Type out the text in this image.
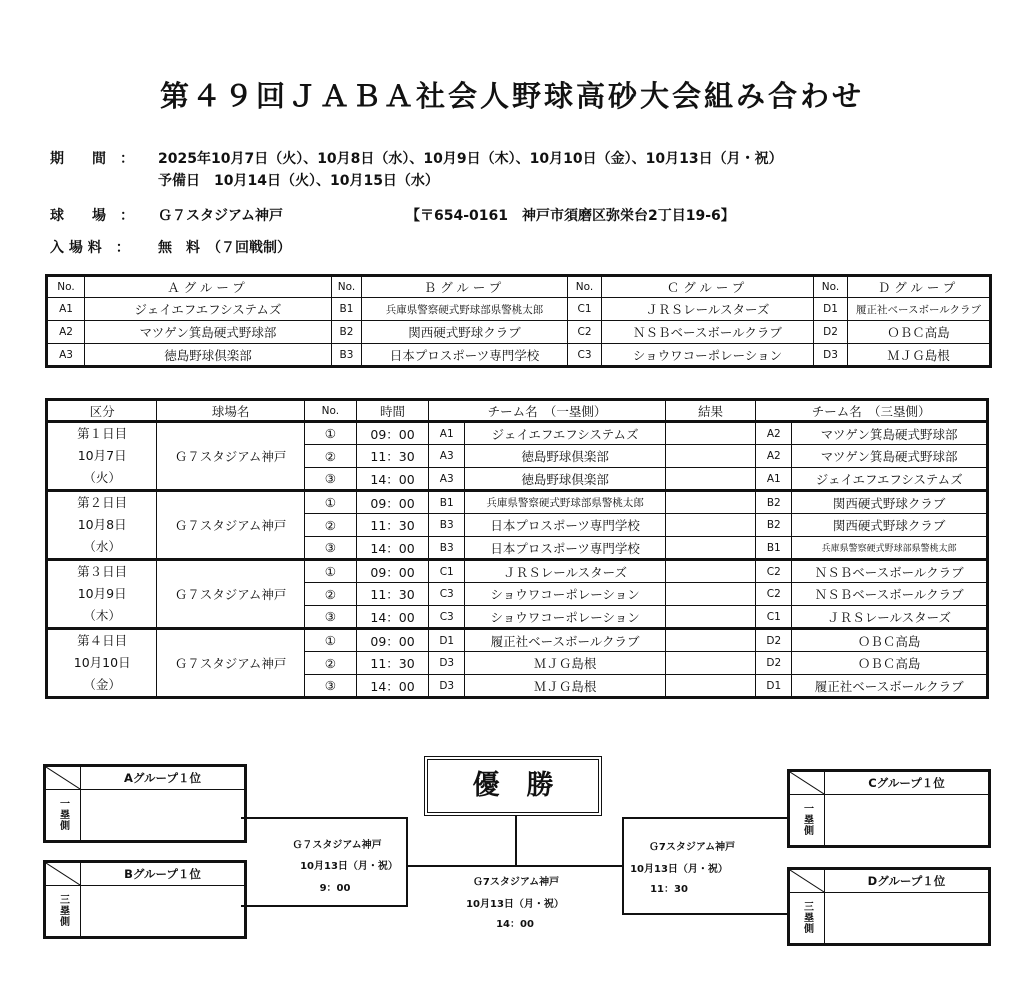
第４９回ＪＡＢＡ社会人野球高砂大会組み合わせ
期　　間　： 2025年10月7日（火）、10月8日（水）、10月9日（木）、10月10日（金）、10月13日（月・祝）
予備日　10月14日（火）、10月15日（水）
球　　場　： Ｇ７スタジアム神戸	【〒654-0161　神戸市須磨区弥栄台2丁目19-6】
入 場 料　： 無　料　（７回戦制）
No.	Ａグループ	No.	Ｂグループ	No.	Ｃグループ	No.	Ｄグループ
A1	ジェイエフエフシステムズ	B1	兵庫県警察硬式野球部県警桃太郎	C1	ＪＲＳレールスターズ	D1	履正社ベースボールクラブ
A2	マツゲン箕島硬式野球部	B2	関西硬式野球クラブ	C2	ＮＳＢベースボールクラブ	D2	ＯＢＣ高島
A3	徳島野球倶楽部	B3	日本プロスポーツ専門学校	C3	ショウワコーポレーション	D3	ＭＪＧ島根
区分	球場名	No.	時間	チーム名　（一塁側）		結果	チーム名　（三塁側）	

第１日目
10月7日
（火）	Ｇ７スタジアム神戸	①	09：00	A1	ジェイエフエフシステムズ		A2	マツゲン箕島硬式野球部
		②	11：30	A3	徳島野球倶楽部		A2	マツゲン箕島硬式野球部
		③	14：00	A3	徳島野球倶楽部		A1	ジェイエフエフシステムズ

第２日目
10月8日
（水）	Ｇ７スタジアム神戸	①	09：00	B1	兵庫県警察硬式野球部県警桃太郎		B2	関西硬式野球クラブ
		②	11：30	B3	日本プロスポーツ専門学校		B2	関西硬式野球クラブ
		③	14：00	B3	日本プロスポーツ専門学校		B1	兵庫県警察硬式野球部県警桃太郎

第３日目
10月9日
（木）	Ｇ７スタジアム神戸	①	09：00	C1	ＪＲＳレールスターズ		C2	ＮＳＢベースボールクラブ
		②	11：30	C3	ショウワコーポレーション		C2	ＮＳＢベースボールクラブ
		③	14：00	C3	ショウワコーポレーション		C1	ＪＲＳレールスターズ

第４日目
10月10日
（金）	Ｇ７スタジアム神戸	①	09：00	D1	履正社ベースボールクラブ		D2	ＯＢＣ高島
		②	11：30	D3	ＭＪＧ島根		D2	ＯＢＣ高島
		③	14：00	D3	ＭＪＧ島根		D1	履正社ベースボールクラブ
Aグループ１位
一塁側
Bグループ１位
三塁側
Cグループ１位
一塁側
Dグループ１位
三塁側
優　勝
Ｇ７スタジアム神戸
10月13日（月・祝）
9：00
Ｇ7スタジアム神戸
10月13日（月・祝）
11：30
Ｇ7スタジアム神戸
10月13日（月・祝）
14：00
